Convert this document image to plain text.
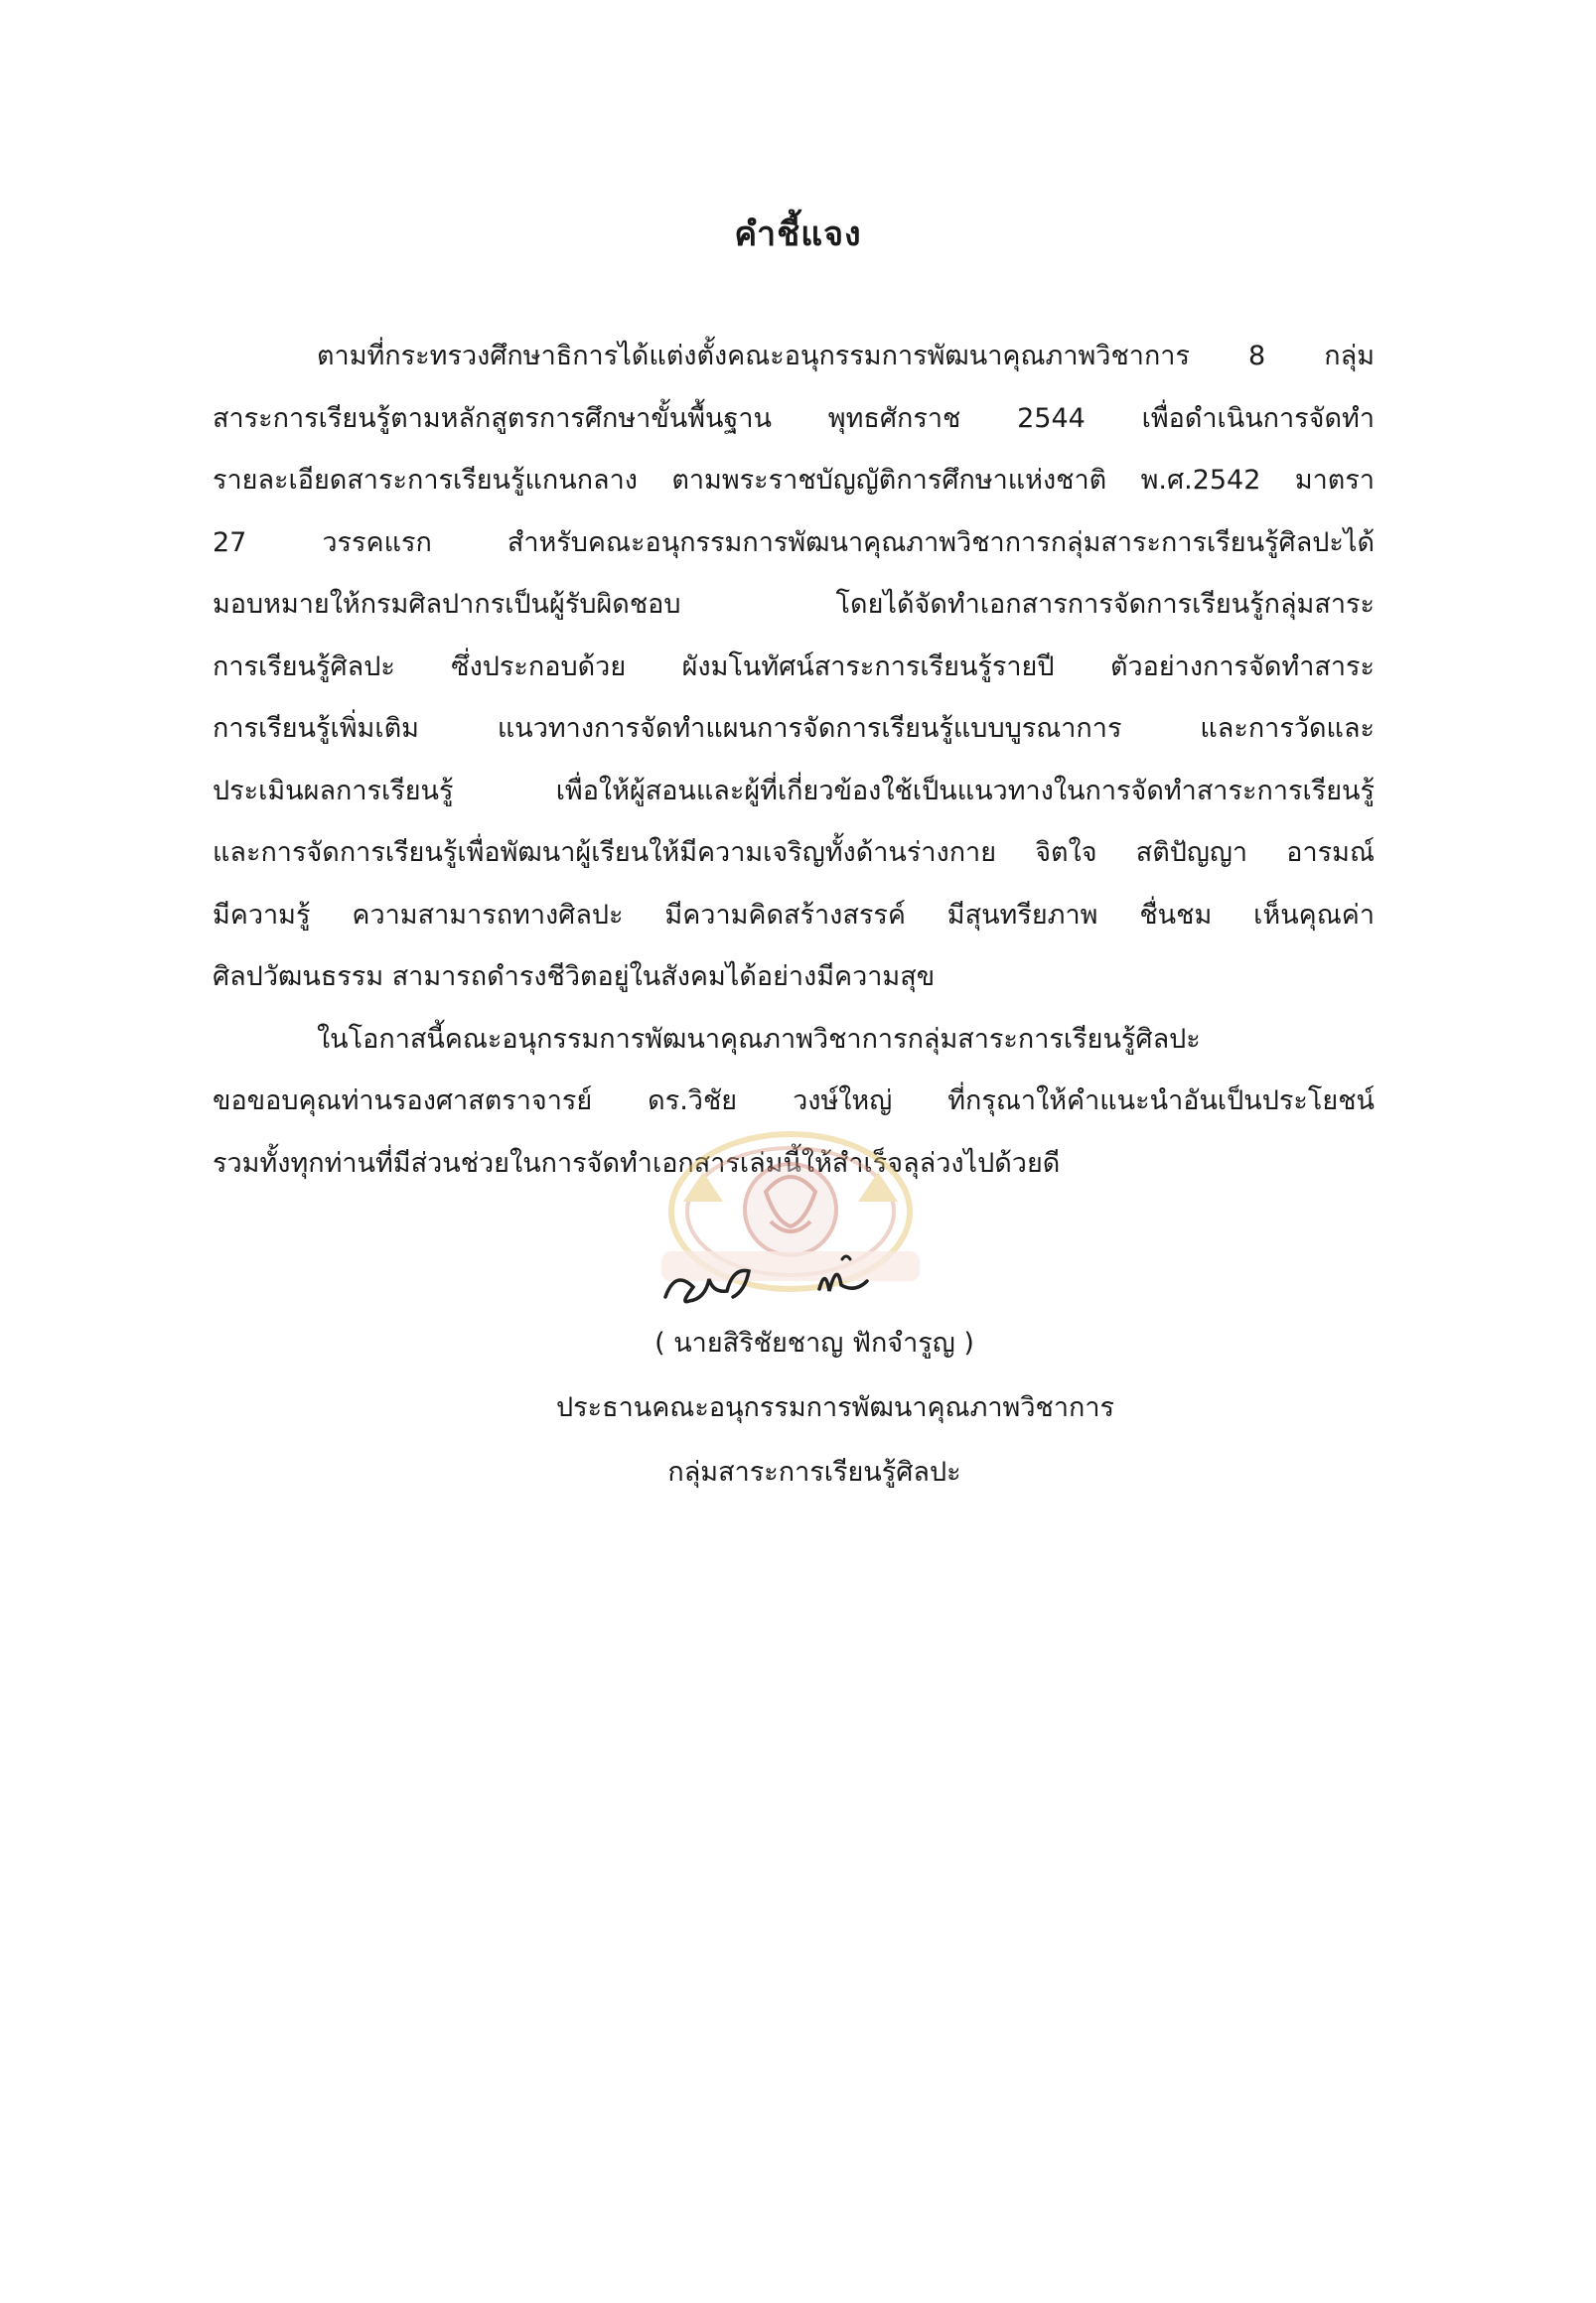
คำชี้แจง
ตามที่กระทรวงศึกษาธิการได้แต่งตั้งคณะอนุกรรมการพัฒนาคุณภาพวิชาการ 8 กลุ่ม
สาระการเรียนรู้ตามหลักสูตรการศึกษาขั้นพื้นฐาน พุทธศักราช 2544 เพื่อดำเนินการจัดทำ
รายละเอียดสาระการเรียนรู้แกนกลาง ตามพระราชบัญญัติการศึกษาแห่งชาติ พ.ศ.2542 มาตรา
27 วรรคแรก สำหรับคณะอนุกรรมการพัฒนาคุณภาพวิชาการกลุ่มสาระการเรียนรู้ศิลปะได้
มอบหมายให้กรมศิลปากรเป็นผู้รับผิดชอบ โดยได้จัดทำเอกสารการจัดการเรียนรู้กลุ่มสาระ
การเรียนรู้ศิลปะ ซึ่งประกอบด้วย ผังมโนทัศน์สาระการเรียนรู้รายปี ตัวอย่างการจัดทำสาระ
การเรียนรู้เพิ่มเติม แนวทางการจัดทำแผนการจัดการเรียนรู้แบบบูรณาการ และการวัดและ
ประเมินผลการเรียนรู้ เพื่อให้ผู้สอนและผู้ที่เกี่ยวข้องใช้เป็นแนวทางในการจัดทำสาระการเรียนรู้
และการจัดการเรียนรู้เพื่อพัฒนาผู้เรียนให้มีความเจริญทั้งด้านร่างกาย จิตใจ สติปัญญา อารมณ์
มีความรู้ ความสามารถทางศิลปะ มีความคิดสร้างสรรค์ มีสุนทรียภาพ ชื่นชม เห็นคุณค่า
ศิลปวัฒนธรรม สามารถดำรงชีวิตอยู่ในสังคมได้อย่างมีความสุข
ในโอกาสนี้คณะอนุกรรมการพัฒนาคุณภาพวิชาการกลุ่มสาระการเรียนรู้ศิลปะ
ขอขอบคุณท่านรองศาสตราจารย์ ดร.วิชัย วงษ์ใหญ่ ที่กรุณาให้คำแนะนำอันเป็นประโยชน์
รวมทั้งทุกท่านที่มีส่วนช่วยในการจัดทำเอกสารเล่มนี้ให้สำเร็จลุล่วงไปด้วยดี
( นายสิริชัยชาญ ฟักจำรูญ )
ประธานคณะอนุกรรมการพัฒนาคุณภาพวิชาการ
กลุ่มสาระการเรียนรู้ศิลปะ
